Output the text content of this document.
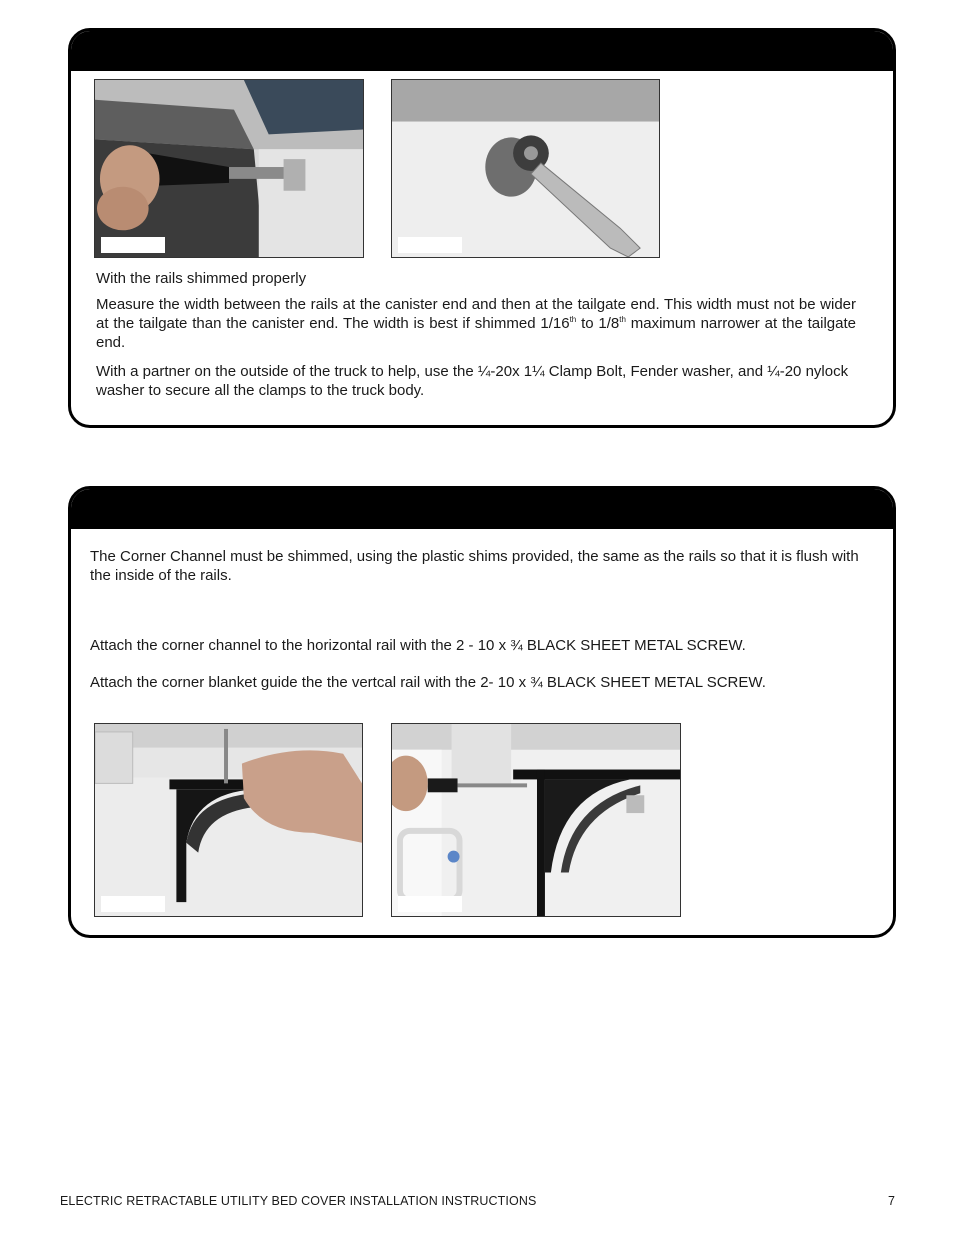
With the rails shimmed properly

Measure the width between the rails at the canister end and then at the tailgate end. This width must not be wider at the tailgate than the canister end. The width is best if shimmed 1/16th to 1/8th maximum narrower at the tailgate end.

With a partner on the outside of the truck to help, use the ¼-20x 1¼ Clamp Bolt, Fender washer, and ¼-20 nylock washer to secure all the clamps to the truck body.

The Corner Channel must be shimmed, using the plastic shims provided, the same as the rails so that it is flush with the inside of the rails.

Attach the corner channel to the horizontal rail with the 2 - 10 x ¾ BLACK SHEET METAL SCREW.

Attach the corner blanket guide the the vertcal rail with the 2- 10 x ¾ BLACK SHEET METAL SCREW.

ELECTRIC RETRACTABLE UTILITY BED COVER INSTALLATION INSTRUCTIONS	7
